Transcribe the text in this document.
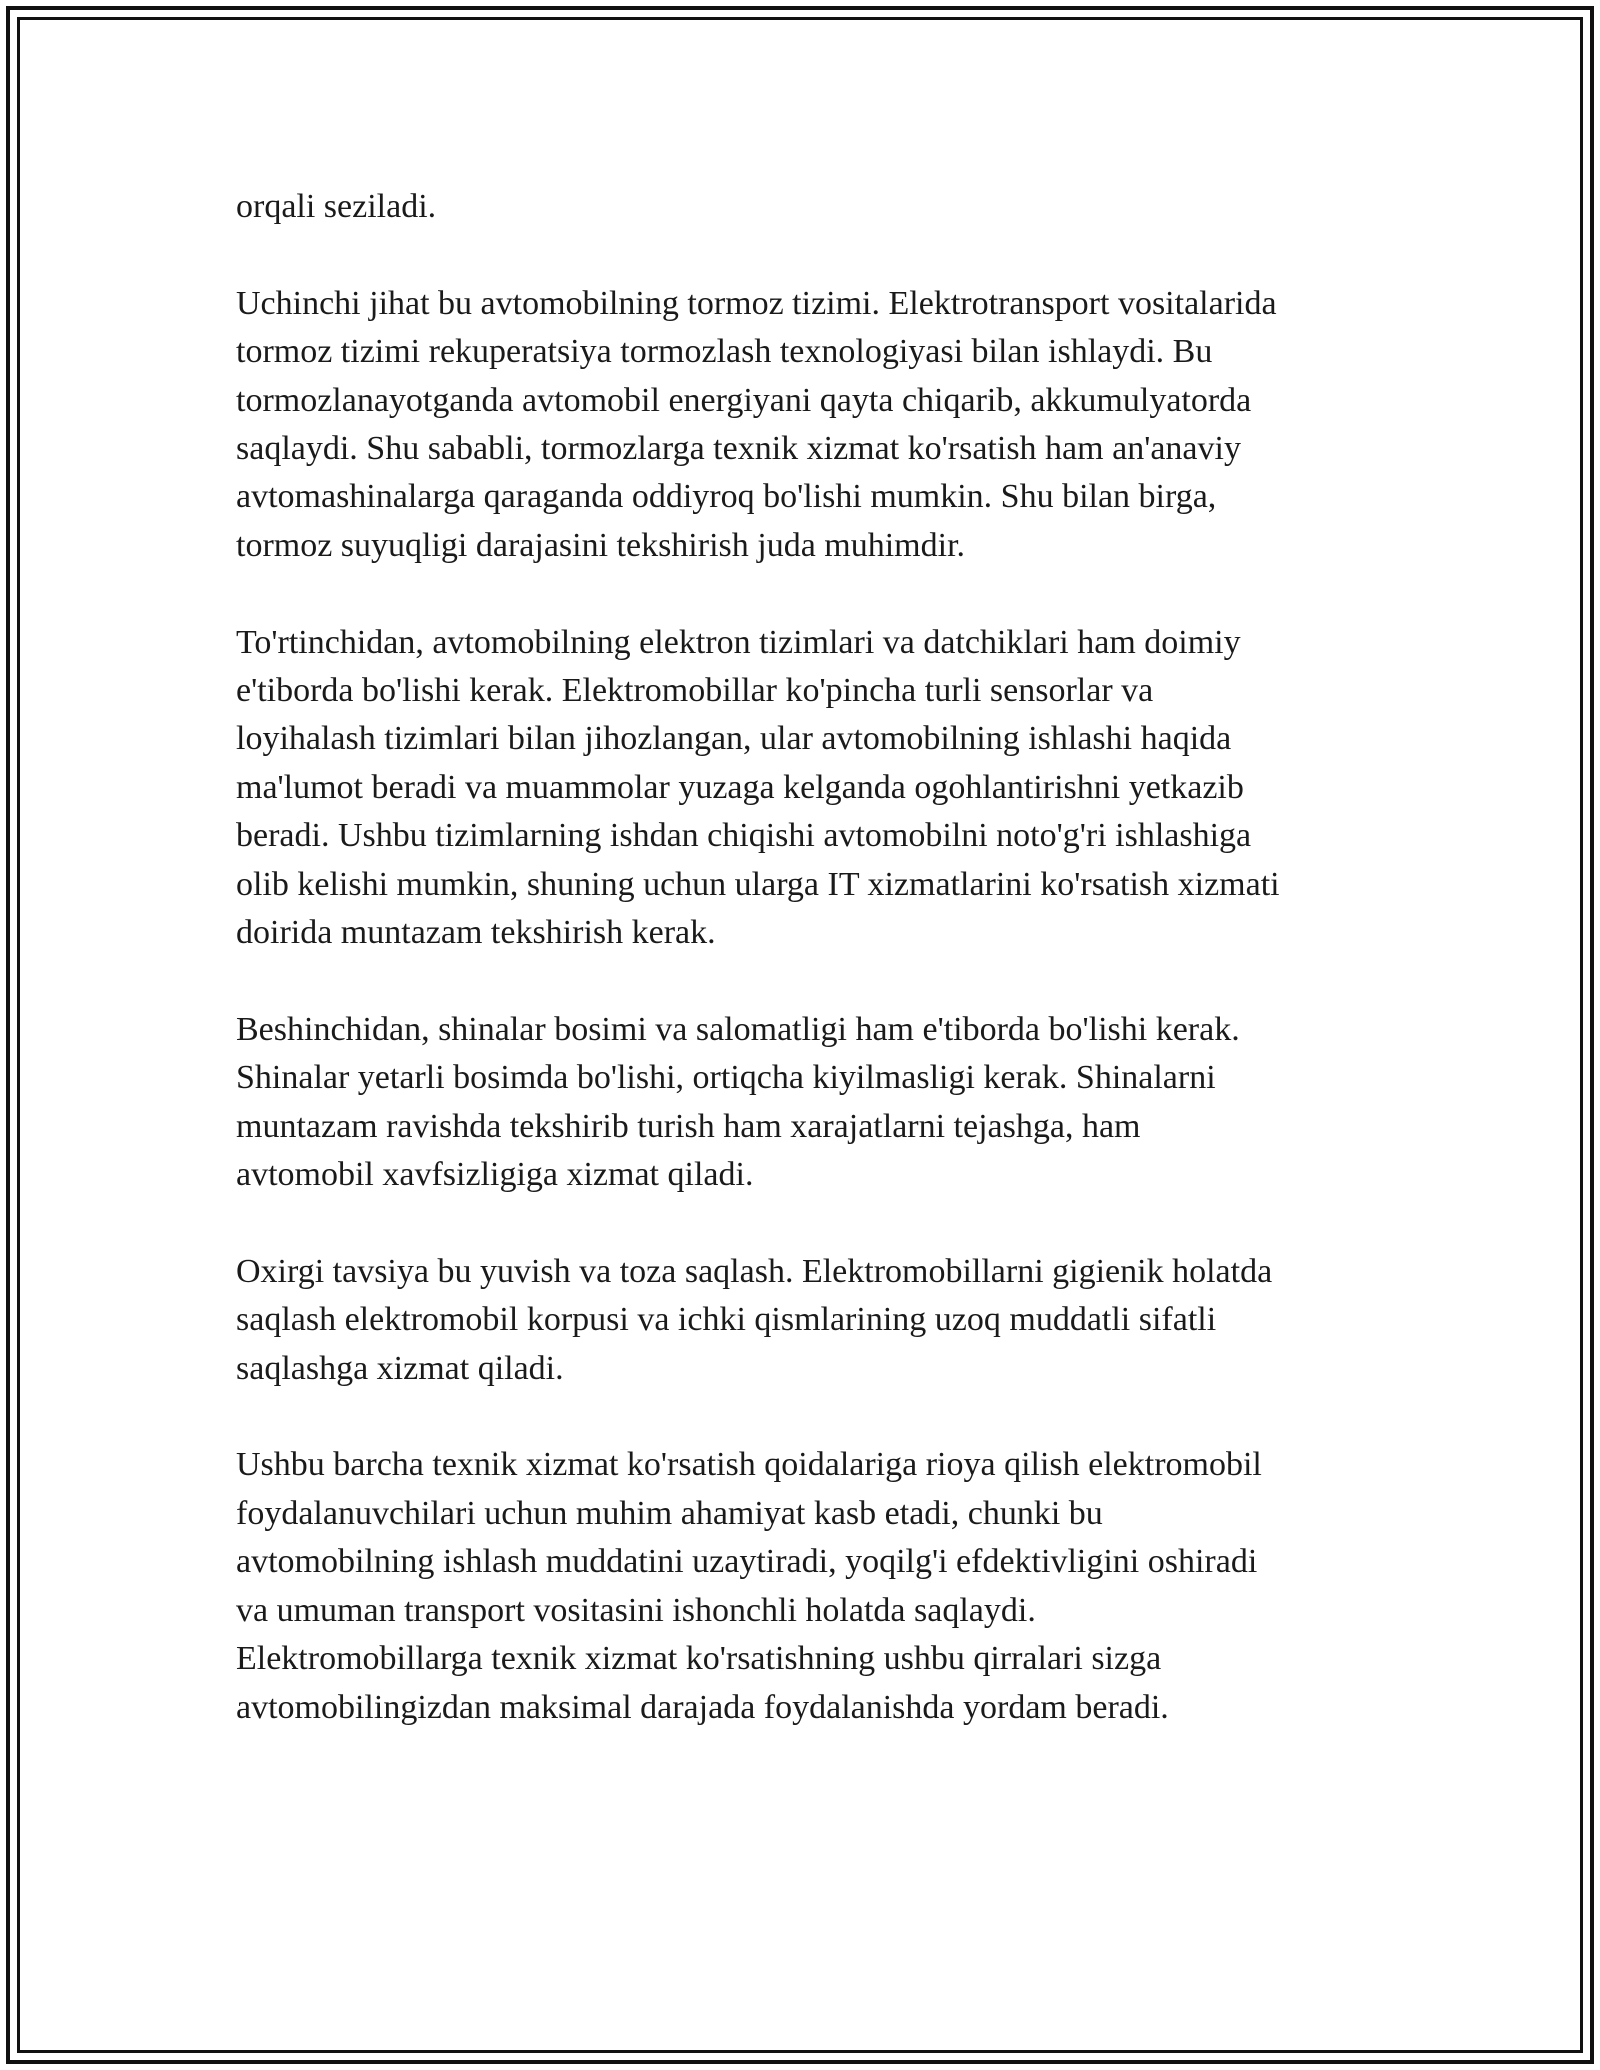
orqali seziladi.

Uchinchi jihat bu avtomobilning tormoz tizimi. Elektrotransport vositalarida
tormoz tizimi rekuperatsiya tormozlash texnologiyasi bilan ishlaydi. Bu
tormozlanayotganda avtomobil energiyani qayta chiqarib, akkumulyatorda
saqlaydi. Shu sababli, tormozlarga texnik xizmat ko'rsatish ham an'anaviy
avtomashinalarga qaraganda oddiyroq bo'lishi mumkin. Shu bilan birga,
tormoz suyuqligi darajasini tekshirish juda muhimdir.

To'rtinchidan, avtomobilning elektron tizimlari va datchiklari ham doimiy
e'tiborda bo'lishi kerak. Elektromobillar ko'pincha turli sensorlar va
loyihalash tizimlari bilan jihozlangan, ular avtomobilning ishlashi haqida
ma'lumot beradi va muammolar yuzaga kelganda ogohlantirishni yetkazib
beradi. Ushbu tizimlarning ishdan chiqishi avtomobilni noto'g'ri ishlashiga
olib kelishi mumkin, shuning uchun ularga IT xizmatlarini ko'rsatish xizmati
doirida muntazam tekshirish kerak.

Beshinchidan, shinalar bosimi va salomatligi ham e'tiborda bo'lishi kerak.
Shinalar yetarli bosimda bo'lishi, ortiqcha kiyilmasligi kerak. Shinalarni
muntazam ravishda tekshirib turish ham xarajatlarni tejashga, ham
avtomobil xavfsizligiga xizmat qiladi.

Oxirgi tavsiya bu yuvish va toza saqlash. Elektromobillarni gigienik holatda
saqlash elektromobil korpusi va ichki qismlarining uzoq muddatli sifatli
saqlashga xizmat qiladi.

Ushbu barcha texnik xizmat ko'rsatish qoidalariga rioya qilish elektromobil
foydalanuvchilari uchun muhim ahamiyat kasb etadi, chunki bu
avtomobilning ishlash muddatini uzaytiradi, yoqilg'i efdektivligini oshiradi
va umuman transport vositasini ishonchli holatda saqlaydi.
Elektromobillarga texnik xizmat ko'rsatishning ushbu qirralari sizga
avtomobilingizdan maksimal darajada foydalanishda yordam beradi.
